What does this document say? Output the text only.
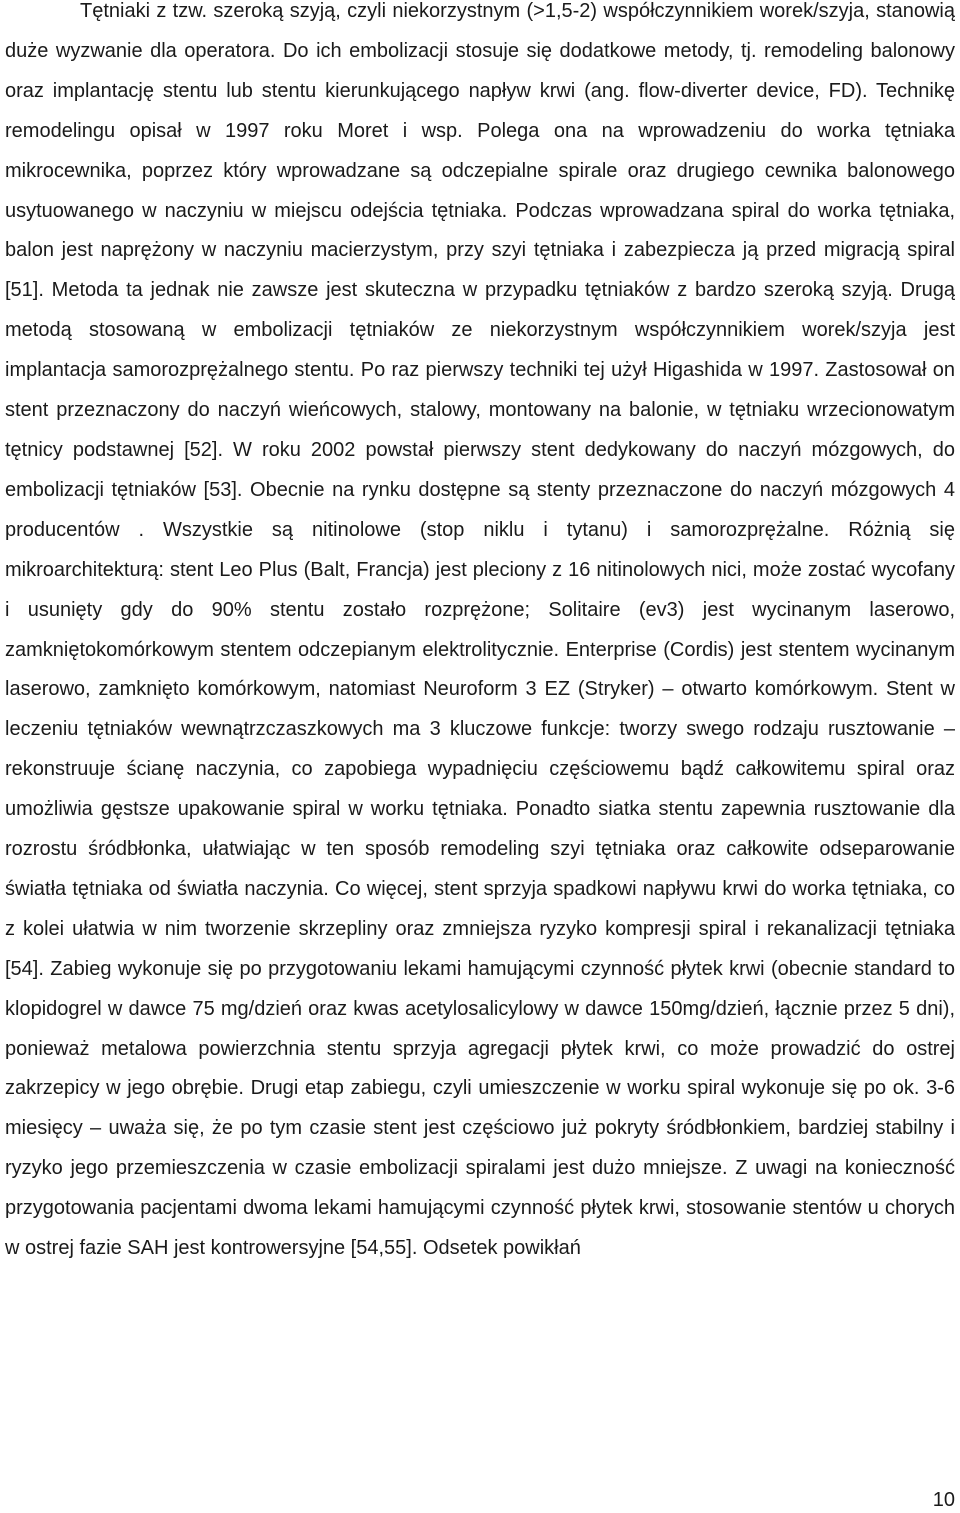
Tętniaki z tzw. szeroką szyją, czyli niekorzystnym (>1,5-2) współczynnikiem worek/szyja, stanowią duże wyzwanie dla operatora. Do ich embolizacji stosuje się dodatkowe metody, tj. remodeling balonowy oraz implantację stentu lub stentu kierunkującego napływ krwi (ang. flow-diverter device, FD). Technikę remodelingu opisał w 1997 roku Moret i wsp. Polega ona na wprowadzeniu do worka tętniaka mikrocewnika, poprzez który wprowadzane są odczepialne spirale oraz drugiego cewnika balonowego usytuowanego w naczyniu w miejscu odejścia tętniaka. Podczas wprowadzana spiral do worka tętniaka, balon jest naprężony w naczyniu macierzystym, przy szyi tętniaka i zabezpiecza ją przed migracją spiral [51]. Metoda ta jednak nie zawsze jest skuteczna w przypadku tętniaków z bardzo szeroką szyją. Drugą metodą stosowaną w embolizacji tętniaków ze niekorzystnym współczynnikiem worek/szyja jest implantacja samorozprężalnego stentu. Po raz pierwszy techniki tej użył Higashida w 1997. Zastosował on stent przeznaczony do naczyń wieńcowych, stalowy, montowany na balonie, w tętniaku wrzecionowatym tętnicy podstawnej [52]. W roku 2002 powstał pierwszy stent dedykowany do naczyń mózgowych, do embolizacji tętniaków [53]. Obecnie na rynku dostępne są stenty przeznaczone do naczyń mózgowych 4 producentów . Wszystkie są nitinolowe (stop niklu i tytanu) i samorozprężalne. Różnią się mikroarchitekturą: stent Leo Plus (Balt, Francja) jest pleciony z 16 nitinolowych nici, może zostać wycofany i usunięty gdy do 90% stentu zostało rozprężone; Solitaire (ev3) jest wycinanym laserowo, zamkniętokomórkowym stentem odczepianym elektrolitycznie. Enterprise (Cordis) jest stentem wycinanym laserowo, zamknięto komórkowym, natomiast Neuroform 3 EZ (Stryker) – otwarto komórkowym. Stent w leczeniu tętniaków wewnątrzczaszkowych ma 3 kluczowe funkcje: tworzy swego rodzaju rusztowanie – rekonstruuje ścianę naczynia, co zapobiega wypadnięciu częściowemu bądź całkowitemu spiral oraz umożliwia gęstsze upakowanie spiral w worku tętniaka. Ponadto siatka stentu zapewnia rusztowanie dla rozrostu śródbłonka, ułatwiając w ten sposób remodeling szyi tętniaka oraz całkowite odseparowanie światła tętniaka od światła naczynia. Co więcej, stent sprzyja spadkowi napływu krwi do worka tętniaka, co z kolei ułatwia w nim tworzenie skrzepliny oraz zmniejsza ryzyko kompresji spiral i rekanalizacji tętniaka [54]. Zabieg wykonuje się po przygotowaniu lekami hamującymi czynność płytek krwi (obecnie standard to klopidogrel w dawce 75 mg/dzień oraz kwas acetylosalicylowy w dawce 150mg/dzień, łącznie przez 5 dni), ponieważ metalowa powierzchnia stentu sprzyja agregacji płytek krwi, co może prowadzić do ostrej zakrzepicy w jego obrębie. Drugi etap zabiegu, czyli umieszczenie w worku spiral wykonuje się po ok. 3-6 miesięcy – uważa się, że po tym czasie stent jest częściowo już pokryty śródbłonkiem, bardziej stabilny i ryzyko jego przemieszczenia w czasie embolizacji spiralami jest dużo mniejsze. Z uwagi na konieczność przygotowania pacjentami dwoma lekami hamującymi czynność płytek krwi, stosowanie stentów u chorych w ostrej fazie SAH jest kontrowersyjne [54,55]. Odsetek powikłań

10
